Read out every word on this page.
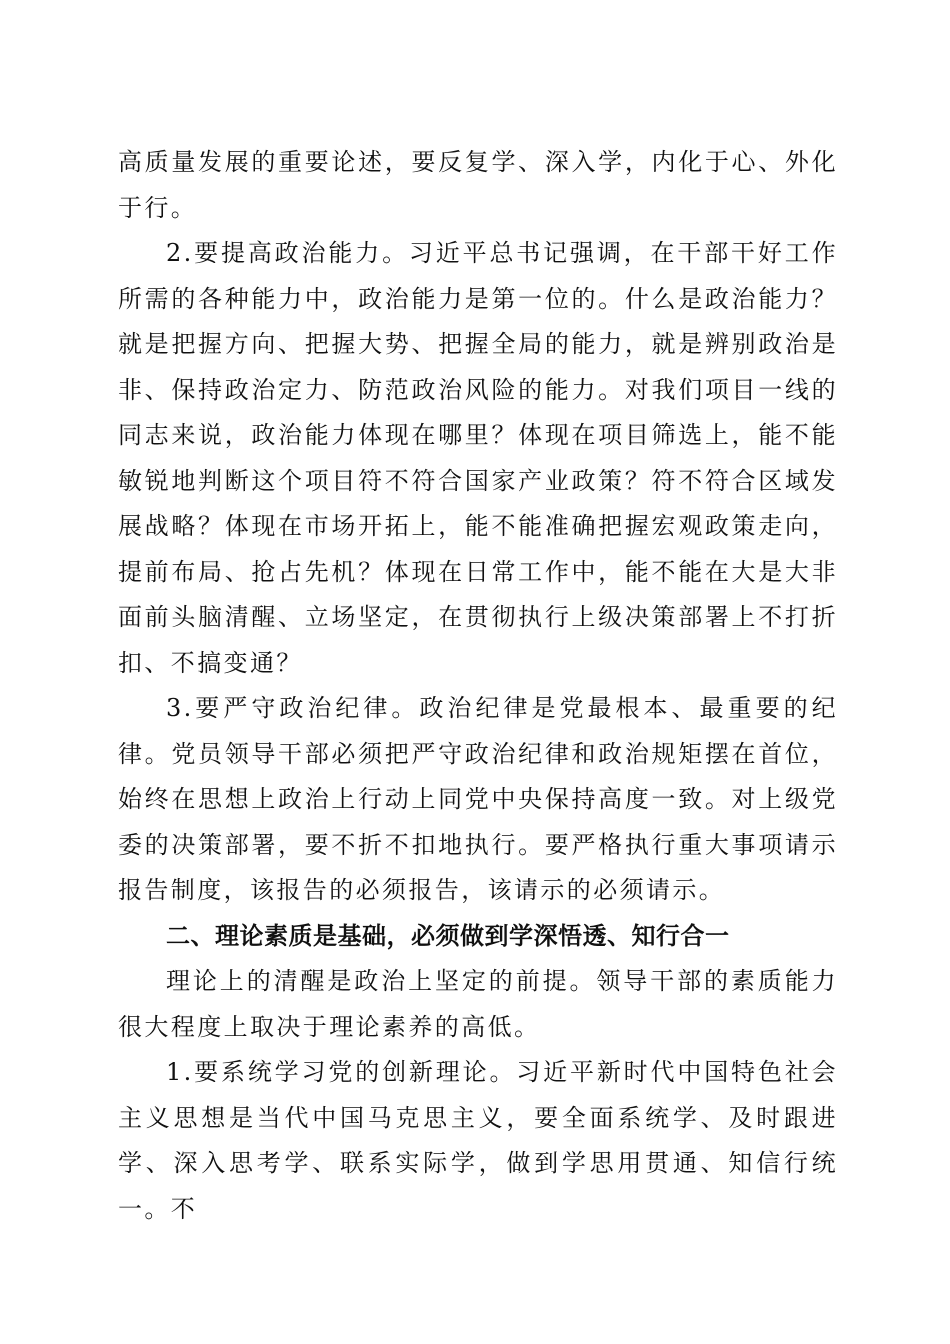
高质量发展的重要论述，要反复学、深入学，内化于心、外化于行。

2.要提高政治能力。习近平总书记强调，在干部干好工作所需的各种能力中，政治能力是第一位的。什么是政治能力？就是把握方向、把握大势、把握全局的能力，就是辨别政治是非、保持政治定力、防范政治风险的能力。对我们项目一线的同志来说，政治能力体现在哪里？体现在项目筛选上，能不能敏锐地判断这个项目符不符合国家产业政策？符不符合区域发展战略？体现在市场开拓上，能不能准确把握宏观政策走向，提前布局、抢占先机？体现在日常工作中，能不能在大是大非面前头脑清醒、立场坚定，在贯彻执行上级决策部署上不打折扣、不搞变通？

3.要严守政治纪律。政治纪律是党最根本、最重要的纪律。党员领导干部必须把严守政治纪律和政治规矩摆在首位，始终在思想上政治上行动上同党中央保持高度一致。对上级党委的决策部署，要不折不扣地执行。要严格执行重大事项请示报告制度，该报告的必须报告，该请示的必须请示。

二、理论素质是基础，必须做到学深悟透、知行合一

理论上的清醒是政治上坚定的前提。领导干部的素质能力很大程度上取决于理论素养的高低。

1.要系统学习党的创新理论。习近平新时代中国特色社会主义思想是当代中国马克思主义，要全面系统学、及时跟进学、深入思考学、联系实际学，做到学思用贯通、知信行统一。不
